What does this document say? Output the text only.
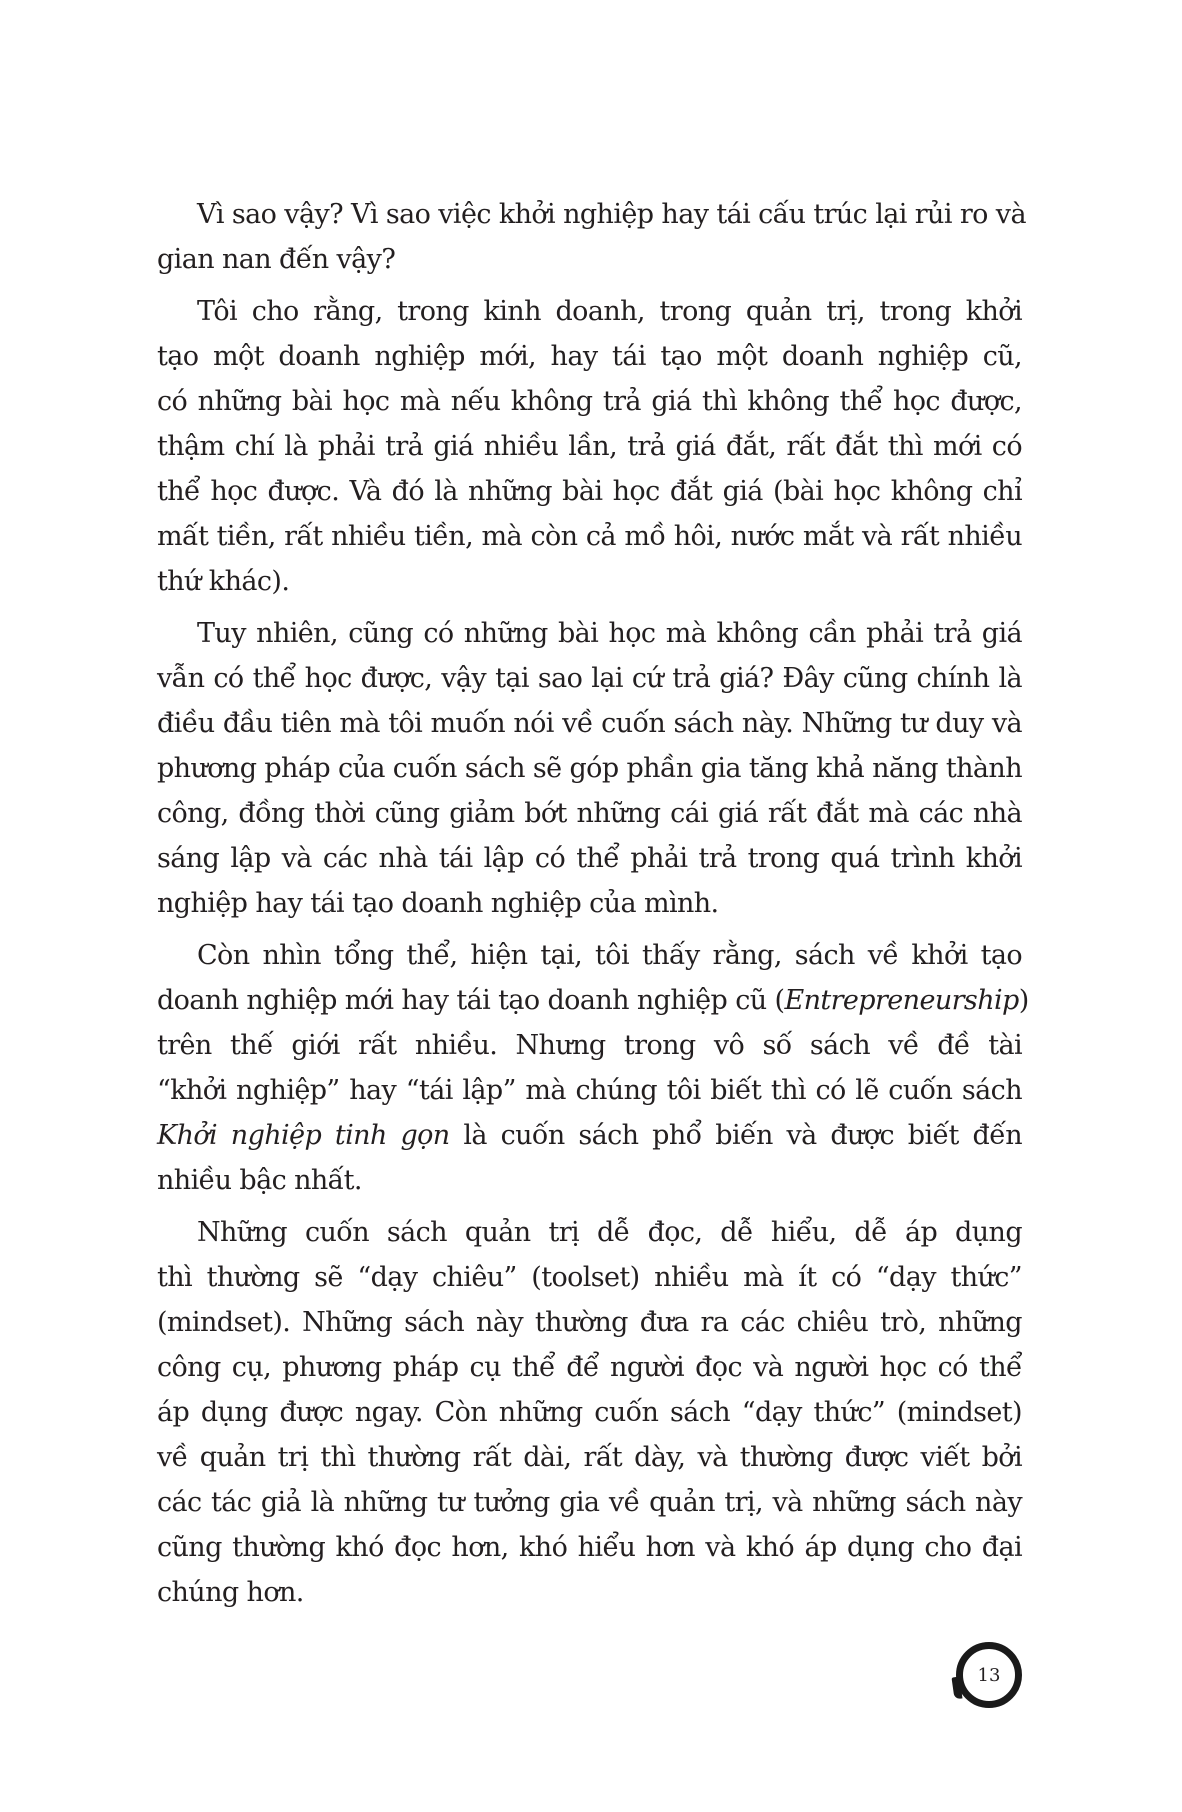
Vì sao vậy? Vì sao việc khởi nghiệp hay tái cấu trúc lại rủi ro và
gian nan đến vậy?

Tôi cho rằng, trong kinh doanh, trong quản trị, trong khởi
tạo một doanh nghiệp mới, hay tái tạo một doanh nghiệp cũ,
có những bài học mà nếu không trả giá thì không thể học được,
thậm chí là phải trả giá nhiều lần, trả giá đắt, rất đắt thì mới có
thể học được. Và đó là những bài học đắt giá (bài học không chỉ
mất tiền, rất nhiều tiền, mà còn cả mồ hôi, nước mắt và rất nhiều
thứ khác).

Tuy nhiên, cũng có những bài học mà không cần phải trả giá
vẫn có thể học được, vậy tại sao lại cứ trả giá? Đây cũng chính là
điều đầu tiên mà tôi muốn nói về cuốn sách này. Những tư duy và
phương pháp của cuốn sách sẽ góp phần gia tăng khả năng thành
công, đồng thời cũng giảm bớt những cái giá rất đắt mà các nhà
sáng lập và các nhà tái lập có thể phải trả trong quá trình khởi
nghiệp hay tái tạo doanh nghiệp của mình.

Còn nhìn tổng thể, hiện tại, tôi thấy rằng, sách về khởi tạo
doanh nghiệp mới hay tái tạo doanh nghiệp cũ (Entrepreneurship)
trên thế giới rất nhiều. Nhưng trong vô số sách về đề tài
“khởi nghiệp” hay “tái lập” mà chúng tôi biết thì có lẽ cuốn sách
Khởi nghiệp tinh gọn là cuốn sách phổ biến và được biết đến
nhiều bậc nhất.

Những cuốn sách quản trị dễ đọc, dễ hiểu, dễ áp dụng
thì thường sẽ “dạy chiêu” (toolset) nhiều mà ít có “dạy thức”
(mindset). Những sách này thường đưa ra các chiêu trò, những
công cụ, phương pháp cụ thể để người đọc và người học có thể
áp dụng được ngay. Còn những cuốn sách “dạy thức” (mindset)
về quản trị thì thường rất dài, rất dày, và thường được viết bởi
các tác giả là những tư tưởng gia về quản trị, và những sách này
cũng thường khó đọc hơn, khó hiểu hơn và khó áp dụng cho đại
chúng hơn.

13
